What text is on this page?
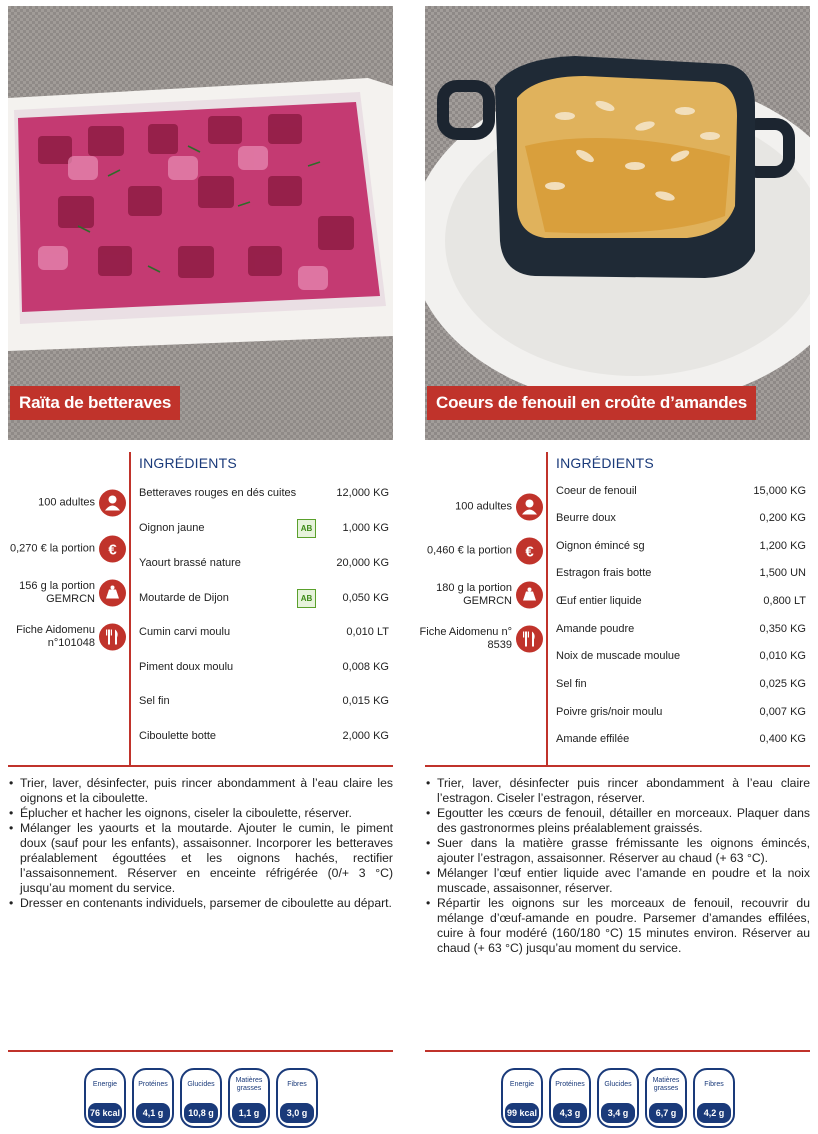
Raïta de betteraves
INGRÉDIENTS
100 adultes
0,270 € la portion €
156 g la portion GEMRCN
Fiche Aidomenu n°101048
Betteraves rouges en dés cuites	12,000 KG
Oignon jaune	AB	1,000 KG
Yaourt brassé nature	20,000 KG
Moutarde de Dijon	AB	0,050 KG
Cumin carvi moulu	0,010 LT
Piment doux moulu	0,008 KG
Sel fin	0,015 KG
Ciboulette botte	2,000 KG
• Trier, laver, désinfecter, puis rincer abondamment à l’eau claire les oignons et la ciboulette.
• Éplucher et hacher les oignons, ciseler la ciboulette, réserver.
• Mélanger les yaourts et la moutarde. Ajouter le cumin, le piment doux (sauf pour les enfants), assaisonner. Incorporer les betteraves préalablement égouttées et les oignons hachés, rectifier l’assaisonnement. Réserver en enceinte réfrigérée (0/+ 3 °C) jusqu’au moment du service.
• Dresser en contenants individuels, parsemer de ciboulette au départ.
Energie
76 kcal
Protéines
4,1 g
Glucides
10,8 g
Matières grasses
1,1 g
Fibres
3,0 g
Coeurs de fenouil en croûte d’amandes
INGRÉDIENTS
100 adultes
0,460 € la portion €
180 g la portion GEMRCN
Fiche Aidomenu n° 8539
Coeur de fenouil	15,000 KG
Beurre doux	0,200 KG
Oignon émincé sg	1,200 KG
Estragon frais botte	1,500 UN
Œuf entier liquide	0,800 LT
Amande poudre	0,350 KG
Noix de muscade moulue	0,010 KG
Sel fin	0,025 KG
Poivre gris/noir moulu	0,007 KG
Amande effilée	0,400 KG
• Trier, laver, désinfecter puis rincer abondamment à l’eau claire l’estragon. Ciseler l’estragon, réserver.
• Egoutter les cœurs de fenouil, détailler en morceaux. Plaquer dans des gastronormes pleins préalablement graissés.
• Suer dans la matière grasse frémissante les oignons émincés, ajouter l’estragon, assaisonner. Réserver au chaud (+ 63 °C).
• Mélanger l’œuf entier liquide avec l’amande en poudre et la noix muscade, assaisonner, réserver.
• Répartir les oignons sur les morceaux de fenouil, recouvrir du mélange d’œuf-amande en poudre. Parsemer d’amandes effilées, cuire à four modéré (160/180 °C) 15 minutes environ. Réserver au chaud (+ 63 °C) jusqu’au moment du service.
Energie
99 kcal
Protéines
4,3 g
Glucides
3,4 g
Matières grasses
6,7 g
Fibres
4,2 g
